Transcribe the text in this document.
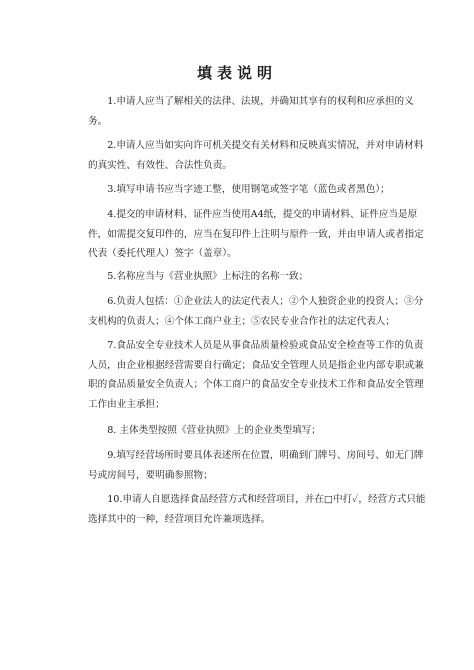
填表说明

1.申请人应当了解相关的法律、法规，并确知其享有的权利和应承担的义务。

2.申请人应当如实向许可机关提交有关材料和反映真实情况，并对申请材料的真实性、有效性、合法性负责。

3.填写申请书应当字迹工整，使用钢笔或签字笔（蓝色或者黑色）；

4.提交的申请材料、证件应当使用A4纸，提交的申请材料、证件应当是原件，如需提交复印件的，应当在复印件上注明与原件一致，并由申请人或者指定代表（委托代理人）签字（盖章）。

5.名称应当与《营业执照》上标注的名称一致；

6.负责人包括：①企业法人的法定代表人；②个人独资企业的投资人；③分支机构的负责人；④个体工商户业主；⑤农民专业合作社的法定代表人；

7.食品安全专业技术人员是从事食品质量检验或食品安全检查等工作的负责人员，由企业根据经营需要自行确定；食品安全管理人员是指企业内部专职或兼职的食品质量安全负责人；个体工商户的食品安全专业技术工作和食品安全管理工作由业主承担；

8. 主体类型按照《营业执照》上的企业类型填写；

9.填写经营场所时要具体表述所在位置，明确到门牌号、房间号、如无门牌号或房间号，要明确参照物；

10.申请人自愿选择食品经营方式和经营项目，并在□中打✓，经营方式只能选择其中的一种，经营项目允许兼项选择。
